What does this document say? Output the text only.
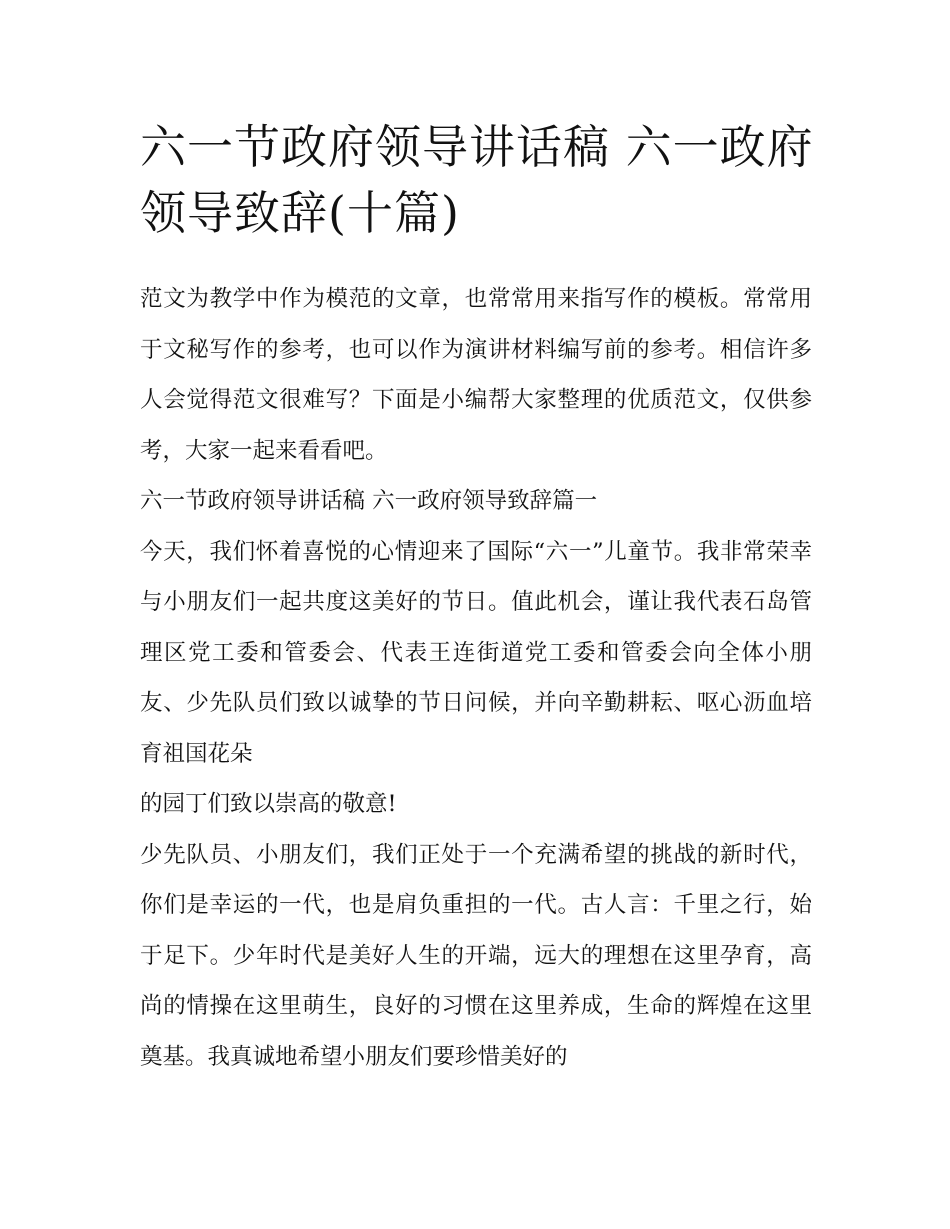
六一节政府领导讲话稿 六一政府领导致辞(十篇)

范文为教学中作为模范的文章，也常常用来指写作的模板。常常用于文秘写作的参考，也可以作为演讲材料编写前的参考。相信许多人会觉得范文很难写？下面是小编帮大家整理的优质范文，仅供参考，大家一起来看看吧。

六一节政府领导讲话稿 六一政府领导致辞篇一

今天，我们怀着喜悦的心情迎来了国际“六一”儿童节。我非常荣幸与小朋友们一起共度这美好的节日。值此机会，谨让我代表石岛管理区党工委和管委会、代表王连街道党工委和管委会向全体小朋友、少先队员们致以诚挚的节日问候，并向辛勤耕耘、呕心沥血培育祖国花朵

的园丁们致以崇高的敬意!

少先队员、小朋友们，我们正处于一个充满希望的挑战的新时代，你们是幸运的一代，也是肩负重担的一代。古人言：千里之行，始于足下。少年时代是美好人生的开端，远大的理想在这里孕育，高尚的情操在这里萌生，良好的习惯在这里养成，生命的辉煌在这里奠基。我真诚地希望小朋友们要珍惜美好的
